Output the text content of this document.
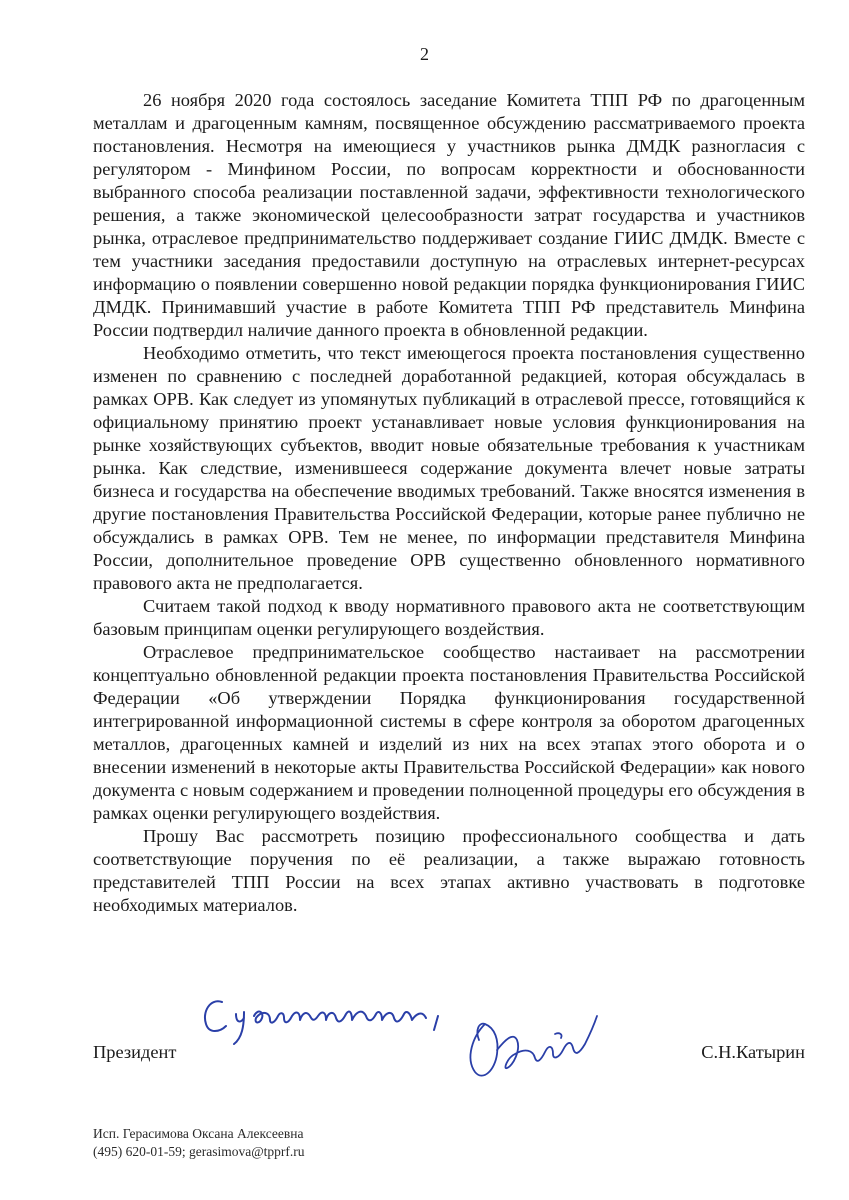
2

26 ноября 2020 года состоялось заседание Комитета ТПП РФ по драгоценным металлам и драгоценным камням, посвященное обсуждению рассматриваемого проекта постановления. Несмотря на имеющиеся у участников рынка ДМДК разногласия с регулятором - Минфином России, по вопросам корректности и обоснованности выбранного способа реализации поставленной задачи, эффективности технологического решения, а также экономической целесообразности затрат государства и участников рынка, отраслевое предпринимательство поддерживает создание ГИИС ДМДК. Вместе с тем участники заседания предоставили доступную на отраслевых интернет-ресурсах информацию о появлении совершенно новой редакции порядка функционирования ГИИС ДМДК. Принимавший участие в работе Комитета ТПП РФ представитель Минфина России подтвердил наличие данного проекта в обновленной редакции.

Необходимо отметить, что текст имеющегося проекта постановления существенно изменен по сравнению с последней доработанной редакцией, которая обсуждалась в рамках ОРВ. Как следует из упомянутых публикаций в отраслевой прессе, готовящийся к официальному принятию проект устанавливает новые условия функционирования на рынке хозяйствующих субъектов, вводит новые обязательные требования к участникам рынка. Как следствие, изменившееся содержание документа влечет новые затраты бизнеса и государства на обеспечение вводимых требований. Также вносятся изменения в другие постановления Правительства Российской Федерации, которые ранее публично не обсуждались в рамках ОРВ. Тем не менее, по информации представителя Минфина России, дополнительное проведение ОРВ существенно обновленного нормативного правового акта не предполагается.

Считаем такой подход к вводу нормативного правового акта не соответствующим базовым принципам оценки регулирующего воздействия.

Отраслевое предпринимательское сообщество настаивает на рассмотрении концептуально обновленной редакции проекта постановления Правительства Российской Федерации «Об утверждении Порядка функционирования государственной интегрированной информационной системы в сфере контроля за оборотом драгоценных металлов, драгоценных камней и изделий из них на всех этапах этого оборота и о внесении изменений в некоторые акты Правительства Российской Федерации» как нового документа с новым содержанием и проведении полноценной процедуры его обсуждения в рамках оценки регулирующего воздействия.

Прошу Вас рассмотреть позицию профессионального сообщества и дать соответствующие поручения по её реализации, а также выражаю готовность представителей ТПП России на всех этапах активно участвовать в подготовке необходимых материалов.

Президент	С.Н.Катырин
Исп. Герасимова Оксана Алексеевна
(495) 620-01-59; gerasimova@tpprf.ru
